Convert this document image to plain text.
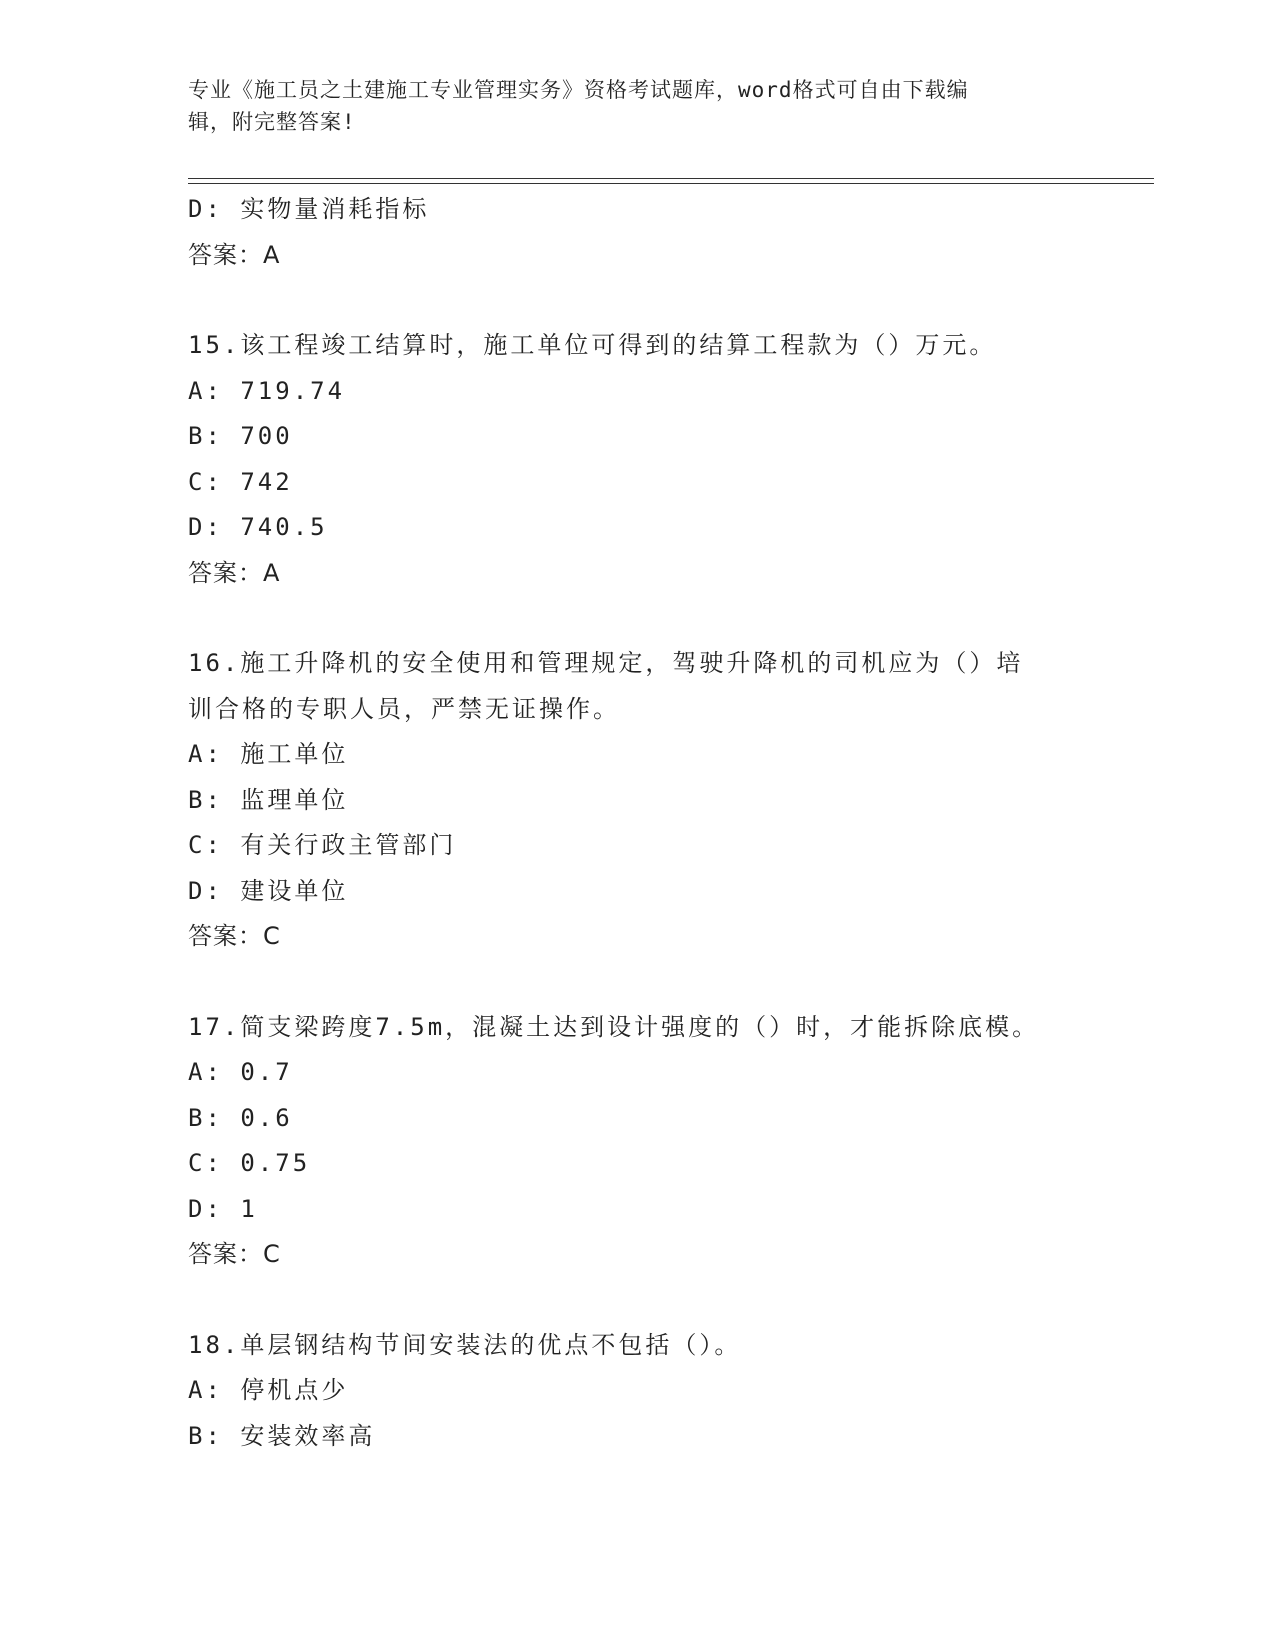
专业《施工员之土建施工专业管理实务》资格考试题库，word格式可自由下载编
辑，附完整答案!
D: 实物量消耗指标
答案：A
15.该工程竣工结算时，施工单位可得到的结算工程款为（）万元。
A: 719.74
B: 700
C: 742
D: 740.5
答案：A
16.施工升降机的安全使用和管理规定，驾驶升降机的司机应为（）培
训合格的专职人员，严禁无证操作。
A: 施工单位
B: 监理单位
C: 有关行政主管部门
D: 建设单位
答案：C
17.简支梁跨度7.5m，混凝土达到设计强度的（）时，才能拆除底模。
A: 0.7
B: 0.6
C: 0.75
D: 1
答案：C
18.单层钢结构节间安装法的优点不包括（）。
A: 停机点少
B: 安装效率高
